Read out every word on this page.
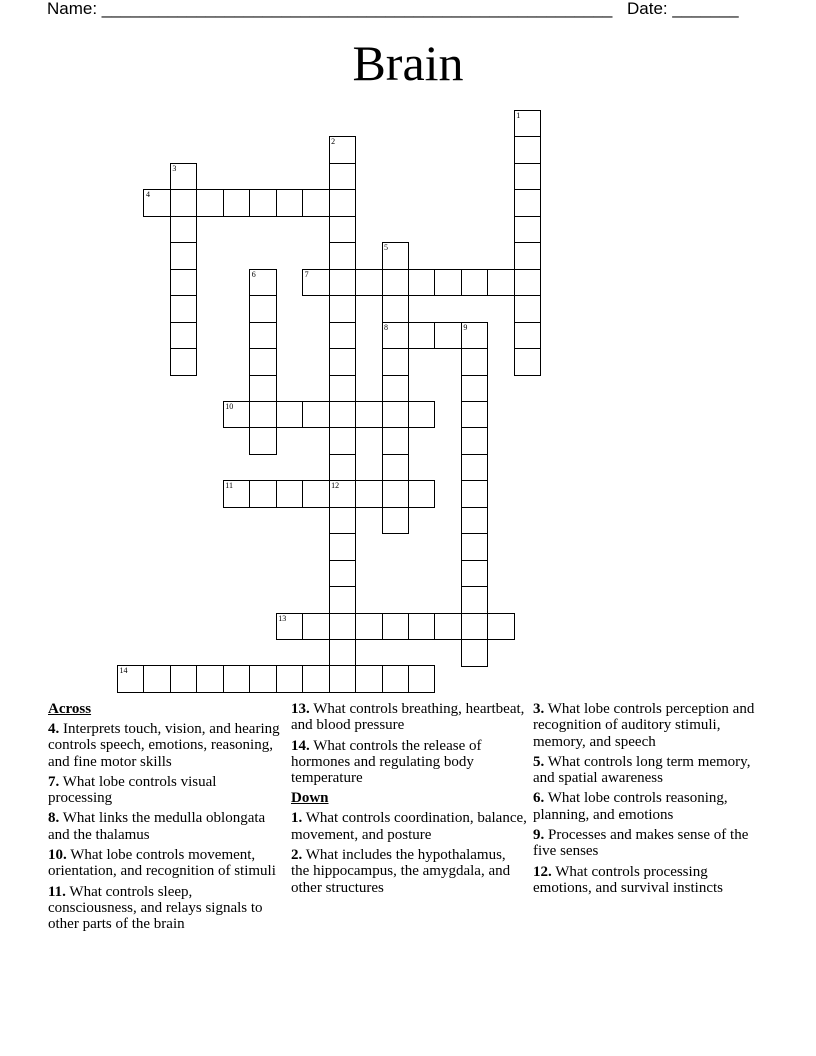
Name: ______________________________________________________ Date: _______
Brain
1
2
3
4
5
8
6	7
9
10
11	12
13
14
Across
4. Interprets touch, vision, and hearing controls speech, emotions, reasoning, and fine motor skills
7. What lobe controls visual processing
8. What links the medulla oblongata and the thalamus
10. What lobe controls movement, orientation, and recognition of stimuli
11. What controls sleep, consciousness, and relays signals to other parts of the brain
13. What controls breathing, heartbeat, and blood pressure
14. What controls the release of hormones and regulating body temperature
Down
1. What controls coordination, balance, movement, and posture
2. What includes the hypothalamus, the hippocampus, the amygdala, and other structures
3. What lobe controls perception and recognition of auditory stimuli, memory, and speech
5. What controls long term memory, and spatial awareness
6. What lobe controls reasoning, planning, and emotions
9. Processes and makes sense of the five senses
12. What controls processing emotions, and survival instincts
